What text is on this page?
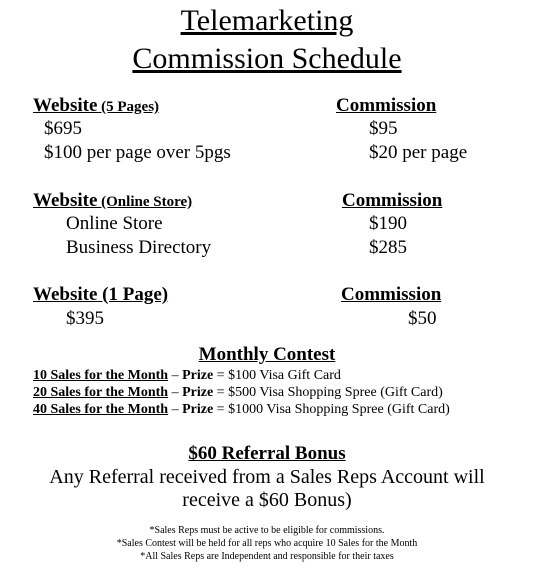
Telemarketing
Commission Schedule
Website (5 Pages)	Commission
$695	$95
$100 per page over 5pgs	$20 per page
Website (Online Store)	Commission
Online Store	$190
Business Directory	$285
Website (1 Page)	Commission
$395	$50
Monthly Contest
10 Sales for the Month – Prize = $100 Visa Gift Card
20 Sales for the Month – Prize = $500 Visa Shopping Spree (Gift Card)
40 Sales for the Month – Prize = $1000 Visa Shopping Spree (Gift Card)
$60 Referral Bonus
Any Referral received from a Sales Reps Account will
receive a $60 Bonus)
*Sales Reps must be active to be eligible for commissions.
*Sales Contest will be held for all reps who acquire 10 Sales for the Month
*All Sales Reps are Independent and responsible for their taxes
